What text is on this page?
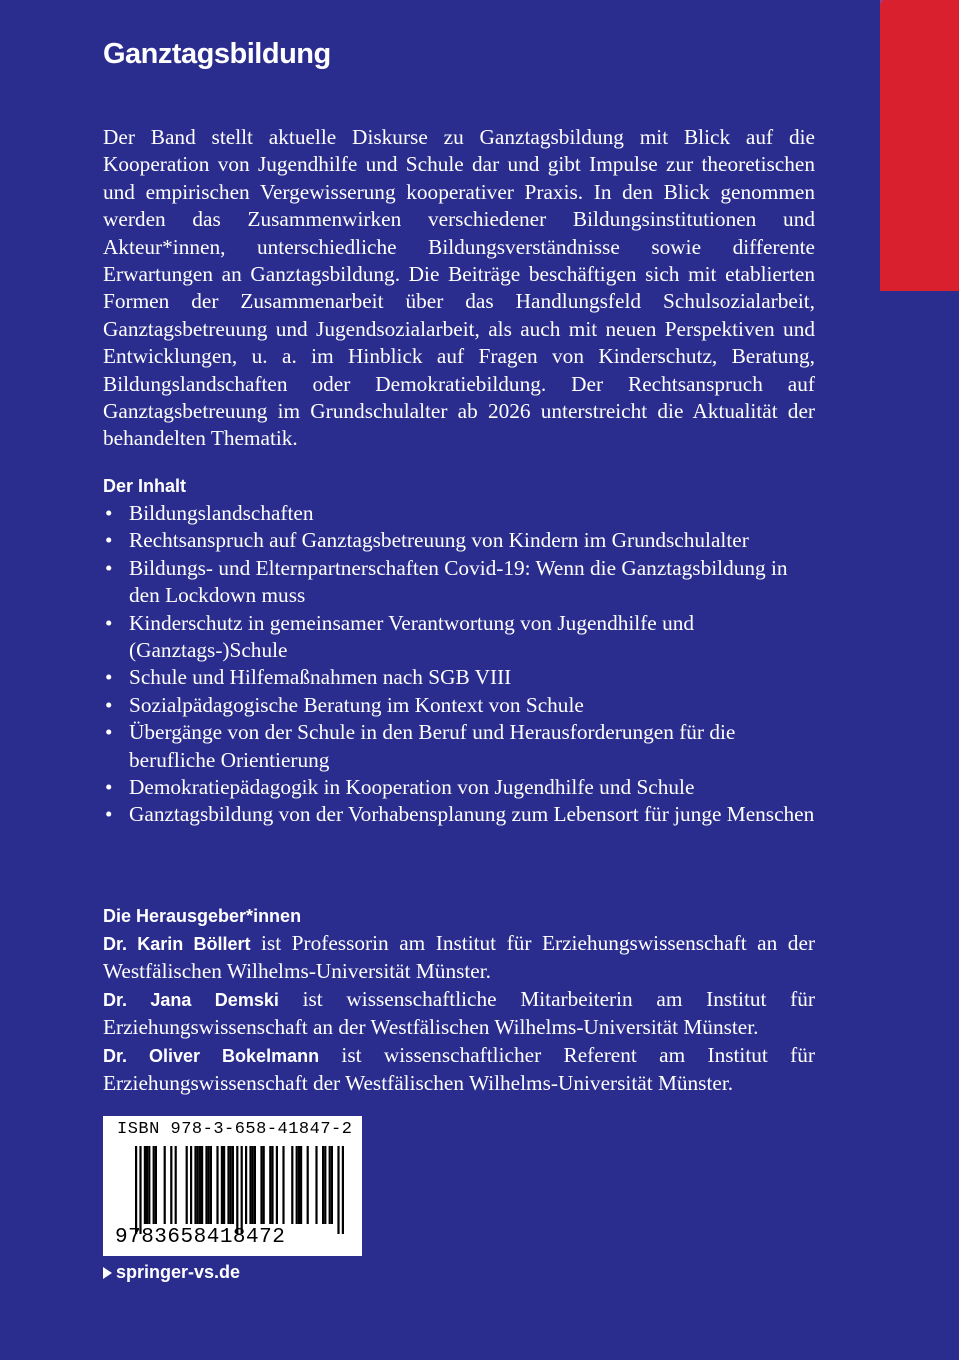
Ganztagsbildung

Der Band stellt aktuelle Diskurse zu Ganztagsbildung mit Blick auf die Kooperation von Jugendhilfe und Schule dar und gibt Impulse zur theoretischen und empirischen Vergewisserung kooperativer Praxis. In den Blick genommen werden das Zusammenwirken verschiedener Bildungsinstitutionen und Akteur*innen, unterschiedliche Bildungsverständnisse sowie differente Erwartungen an Ganztagsbildung. Die Beiträge beschäftigen sich mit etablierten Formen der Zusammenarbeit über das Handlungsfeld Schulsozialarbeit, Ganztagsbetreuung und Jugendsozialarbeit, als auch mit neuen Perspektiven und Entwicklungen, u. a. im Hinblick auf Fragen von Kinderschutz, Beratung, Bildungslandschaften oder Demokratiebildung. Der Rechtsanspruch auf Ganztagsbetreuung im Grundschulalter ab 2026 unterstreicht die Aktualität der behandelten Thematik.

Der Inhalt
• Bildungslandschaften
• Rechtsanspruch auf Ganztagsbetreuung von Kindern im Grundschulalter
• Bildungs- und Elternpartnerschaften Covid-19: Wenn die Ganztagsbildung in den Lockdown muss
• Kinderschutz in gemeinsamer Verantwortung von Jugendhilfe und (Ganztags-)Schule
• Schule und Hilfemaßnahmen nach SGB VIII
• Sozialpädagogische Beratung im Kontext von Schule
• Übergänge von der Schule in den Beruf und Herausforderungen für die berufliche Orientierung
• Demokratiepädagogik in Kooperation von Jugendhilfe und Schule
• Ganztagsbildung von der Vorhabensplanung zum Lebensort für junge Menschen
Die Herausgeber*innen

Dr. Karin Böllert ist Professorin am Institut für Erziehungswissenschaft an der Westfälischen Wilhelms-Universität Münster.

Dr. Jana Demski ist wissenschaftliche Mitarbeiterin am Institut für Erziehungswissenschaft an der Westfälischen Wilhelms-Universität Münster.

Dr. Oliver Bokelmann ist wissenschaftlicher Referent am Institut für Erziehungswissenschaft der Westfälischen Wilhelms-Universität Münster.

ISBN 978-3-658-41847-2
9783658418472
springer-vs.de
